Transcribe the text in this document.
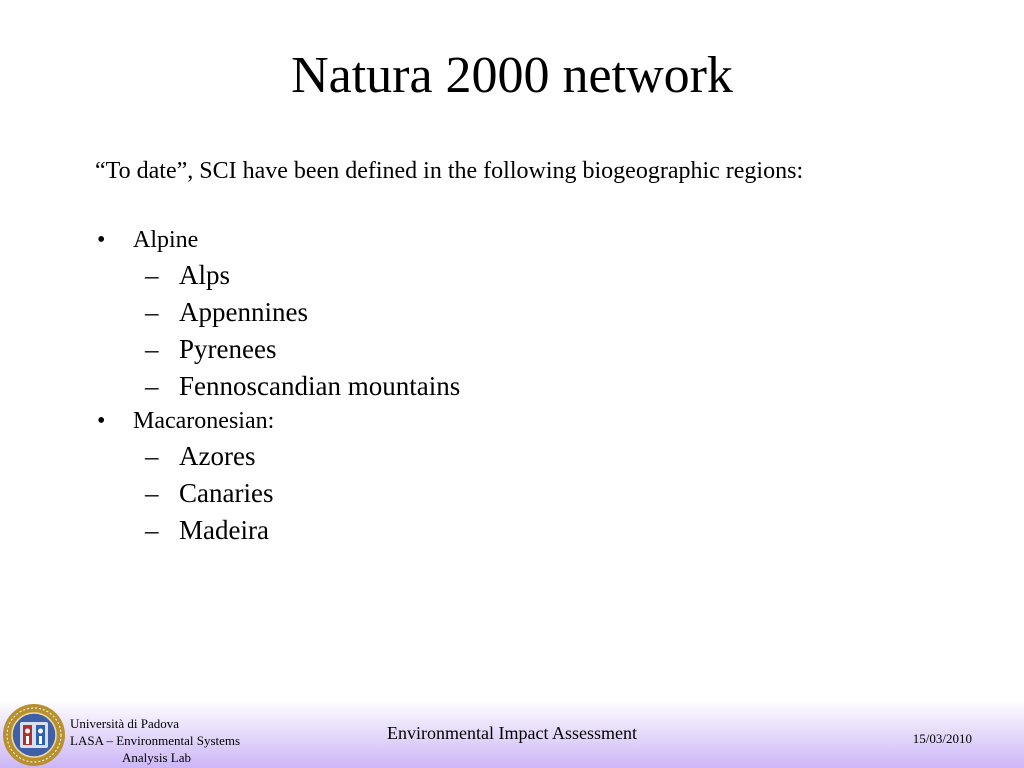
Natura 2000 network
“To date”, SCI have been defined in the following biogeographic regions:
• Alpine
– Alps
– Appennines
– Pyrenees
– Fennoscandian mountains
• Macaronesian:
– Azores
– Canaries
– Madeira
Università di Padova
LASA – Environmental Systems
Analysis Lab
Environmental Impact Assessment	15/03/2010
